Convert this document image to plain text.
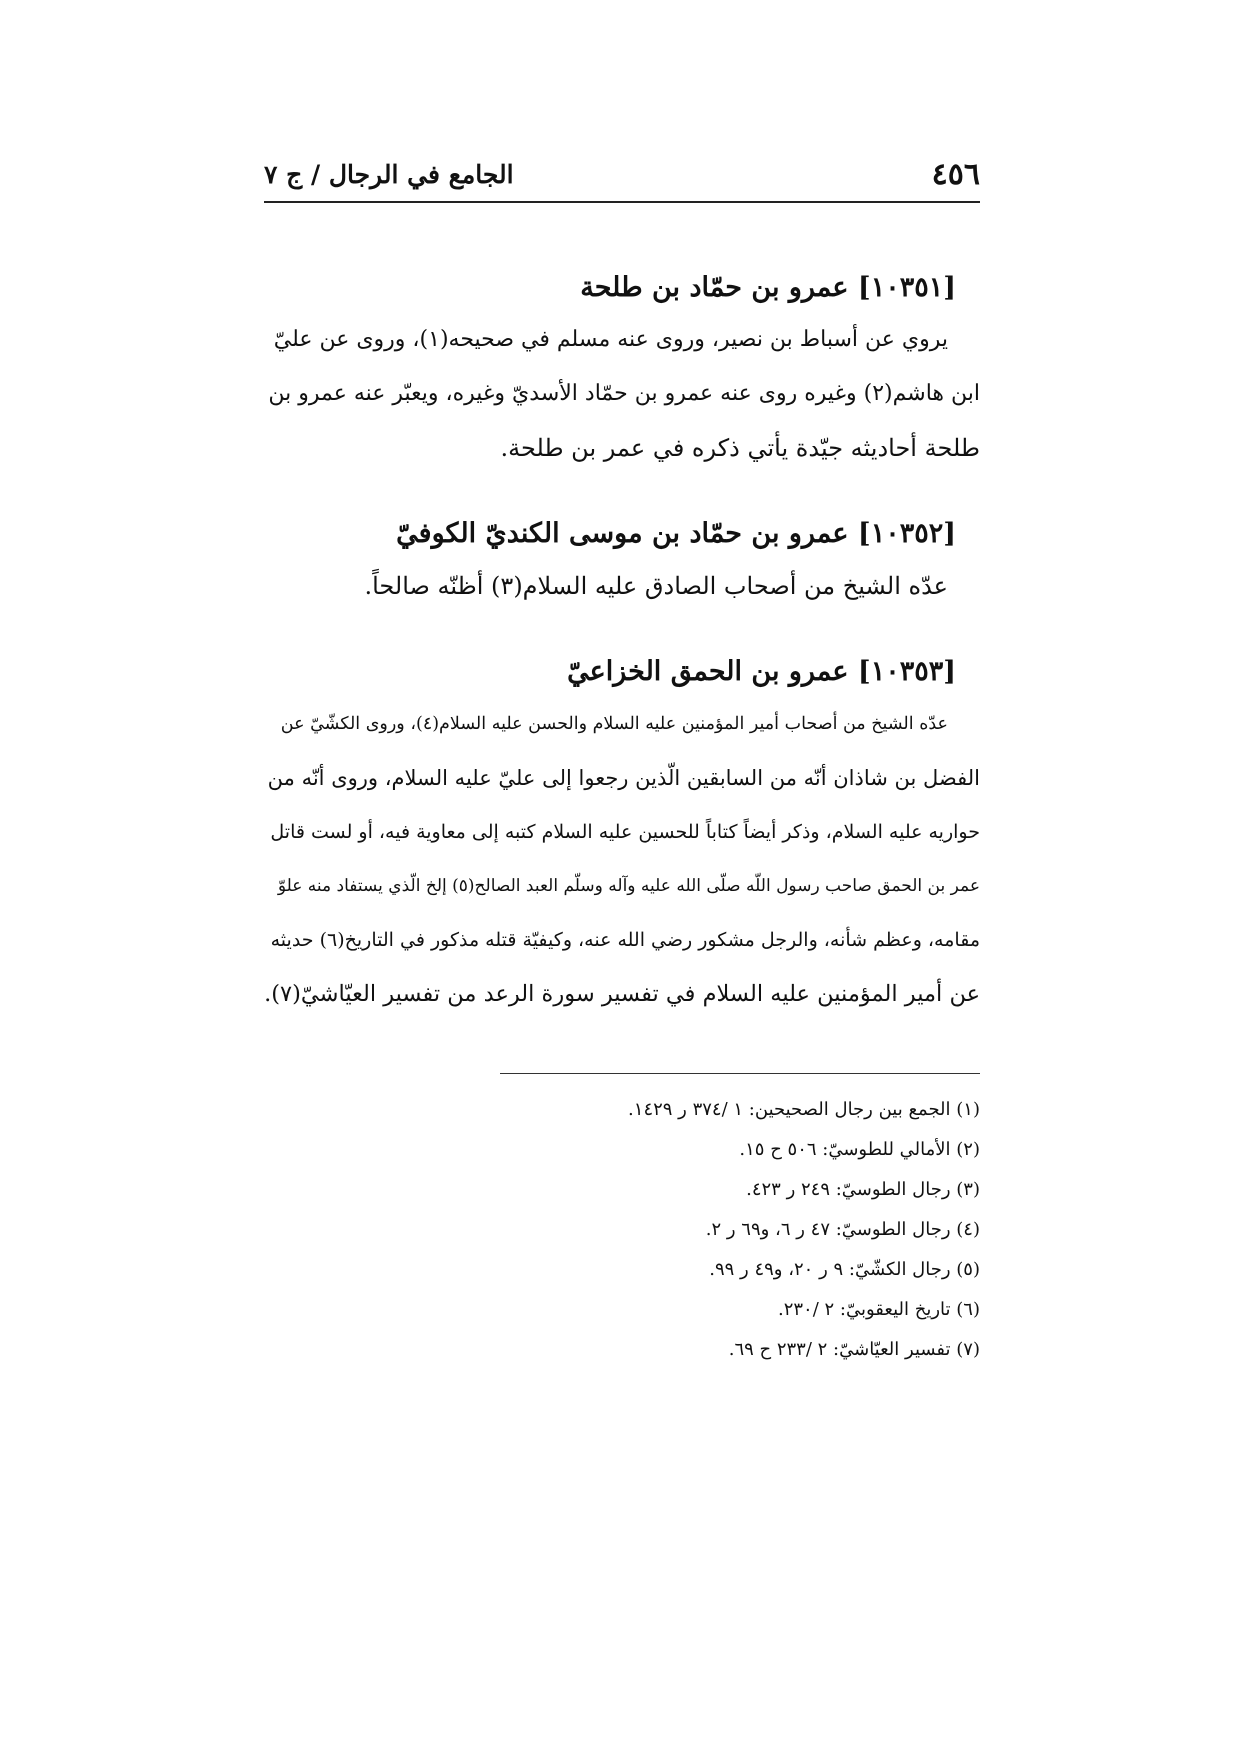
٤٥٦
الجامع في الرجال / ج ٧
[١٠٣٥١] عمرو بن حمّاد بن طلحة
يروي عن أسباط بن نصير، وروى عنه مسلم في صحيحه(١)، وروى عن عليّ
ابن هاشم(٢) وغيره روى عنه عمرو بن حمّاد الأسديّ وغيره، ويعبّر عنه عمرو بن
طلحة أحاديثه جيّدة يأتي ذكره في عمر بن طلحة.
[١٠٣٥٢] عمرو بن حمّاد بن موسى الكنديّ الكوفيّ
عدّه الشيخ من أصحاب الصادق عليه السلام(٣) أظنّه صالحاً.
[١٠٣٥٣] عمرو بن الحمق الخزاعيّ
عدّه الشيخ من أصحاب أمير المؤمنين عليه السلام والحسن عليه السلام(٤)، وروى الكشّيّ عن
الفضل بن شاذان أنّه من السابقين الّذين رجعوا إلى عليّ عليه السلام، وروى أنّه من
حواريه عليه السلام، وذكر أيضاً كتاباً للحسين عليه السلام كتبه إلى معاوية فيه، أو لست قاتل
عمر بن الحمق صاحب رسول اللّه صلّى الله عليه وآله وسلّم العبد الصالح(٥) إلخ الّذي يستفاد منه علوّ
مقامه، وعظم شأنه، والرجل مشكور رضي الله عنه، وكيفيّة قتله مذكور في التاريخ(٦) حديثه
عن أمير المؤمنين عليه السلام في تفسير سورة الرعد من تفسير العيّاشيّ(٧).
(١) الجمع بين رجال الصحيحين: ١ /٣٧٤ ر ١٤٢٩.
(٢) الأمالي للطوسيّ: ٥٠٦ ح ١٥.
(٣) رجال الطوسيّ: ٢٤٩ ر ٤٢٣.
(٤) رجال الطوسيّ: ٤٧ ر ٦، و٦٩ ر ٢.
(٥) رجال الكشّيّ: ٩ ر ٢٠، و٤٩ ر ٩٩.
(٦) تاريخ اليعقوبيّ: ٢ /٢٣٠.
(٧) تفسير العيّاشيّ: ٢ /٢٣٣ ح ٦٩.
